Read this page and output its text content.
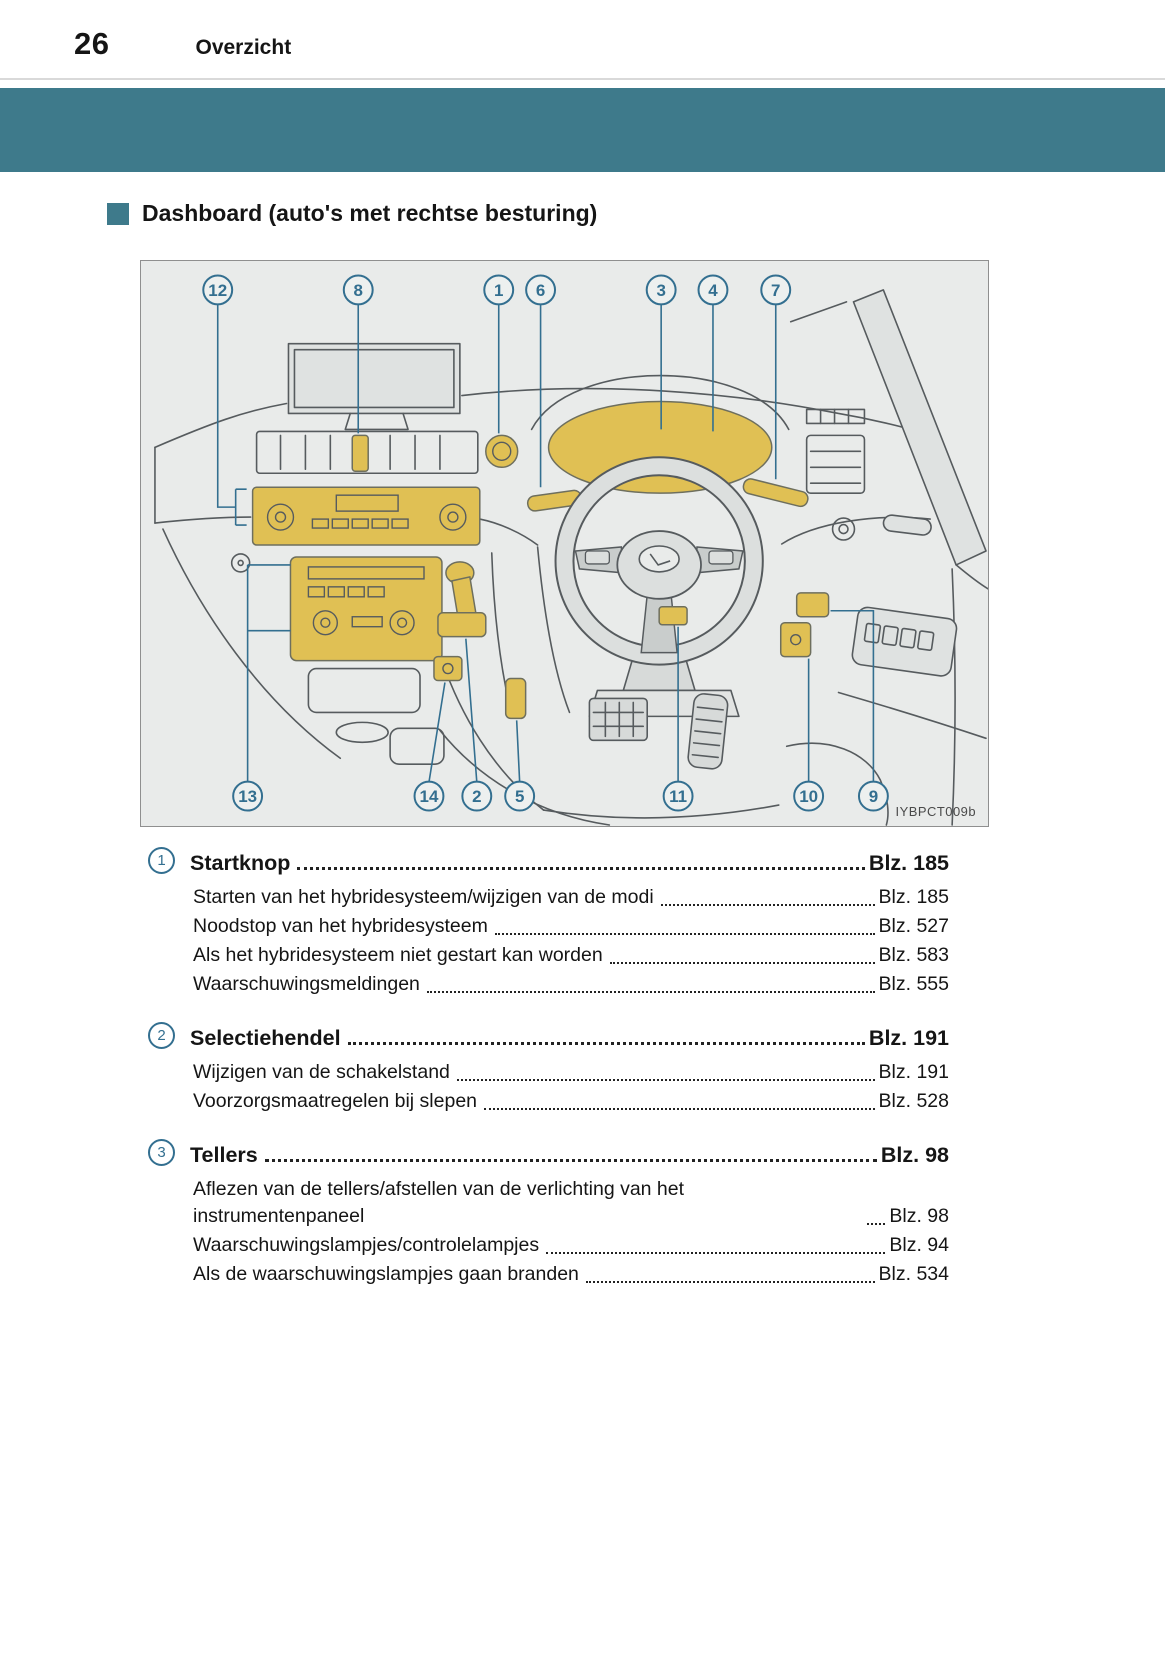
26	Overzicht
Dashboard (auto's met rechtse besturing)
12	8	1 6	3 4	7
13	14 2 5	11	10	9
IYBPCT009b
1	Startknop	Blz. 185
Starten van het hybridesysteem/wijzigen van de modi	Blz. 185
Noodstop van het hybridesysteem	Blz. 527
Als het hybridesysteem niet gestart kan worden	Blz. 583
Waarschuwingsmeldingen	Blz. 555
2	Selectiehendel	Blz. 191
Wijzigen van de schakelstand	Blz. 191
Voorzorgsmaatregelen bij slepen	Blz. 528
3	Tellers	Blz. 98
Aflezen van de tellers/afstellen van de verlichting van het instrumentenpaneel	Blz. 98
Waarschuwingslampjes/controlelampjes	Blz. 94
Als de waarschuwingslampjes gaan branden	Blz. 534
